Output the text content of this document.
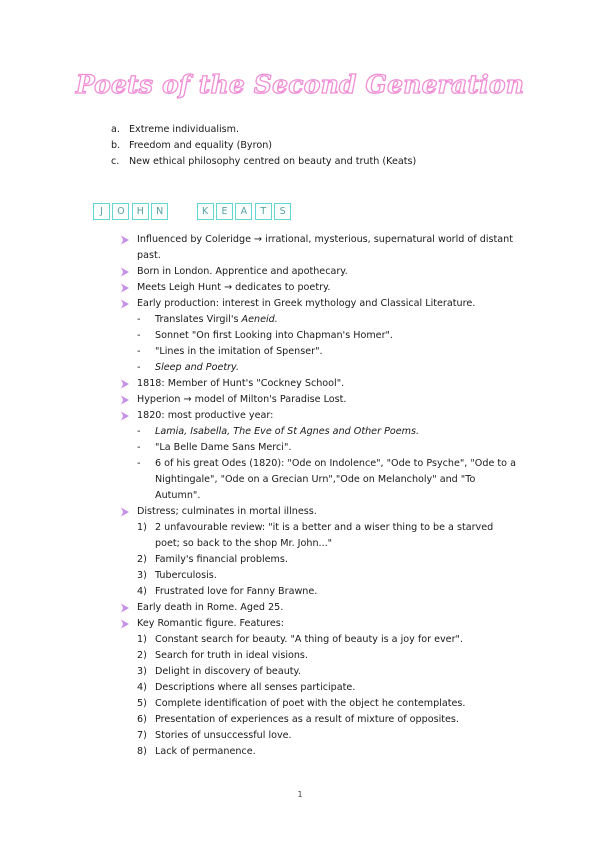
Poets of the Second Generation
a. Extreme individualism.
b. Freedom and equality (Byron)
c.	New ethical philosophy centred on beauty and truth (Keats)
J	O	H	N	K	E	A	T	S
Influenced by Coleridge → irrational, mysterious, supernatural world of distant past.
Born in London. Apprentice and apothecary.
Meets Leigh Hunt → dedicates to poetry.
Early production: interest in Greek mythology and Classical Literature.
-	Translates Virgil's Aeneid.
-	Sonnet "On first Looking into Chapman's Homer".
-	"Lines in the imitation of Spenser".
-	Sleep and Poetry.
1818: Member of Hunt's "Cockney School".
Hyperion → model of Milton's Paradise Lost.
1820: most productive year:
-	Lamia, Isabella, The Eve of St Agnes and Other Poems.
-	"La Belle Dame Sans Merci".
-	6 of his great Odes (1820): "Ode on Indolence", "Ode to Psyche", "Ode to a Nightingale", "Ode on a Grecian Urn","Ode on Melancholy" and "To Autumn".
Distress; culminates in mortal illness.
1) 2 unfavourable review: "it is a better and a wiser thing to be a starved poet; so back to the shop Mr. John..."
2) Family's financial problems.
3) Tuberculosis.
4) Frustrated love for Fanny Brawne.
Early death in Rome. Aged 25.
Key Romantic figure. Features:
1) Constant search for beauty. "A thing of beauty is a joy for ever".
2) Search for truth in ideal visions.
3) Delight in discovery of beauty.
4) Descriptions where all senses participate.
5) Complete identification of poet with the object he contemplates.
6) Presentation of experiences as a result of mixture of opposites.
7) Stories of unsuccessful love.
8) Lack of permanence.
1
